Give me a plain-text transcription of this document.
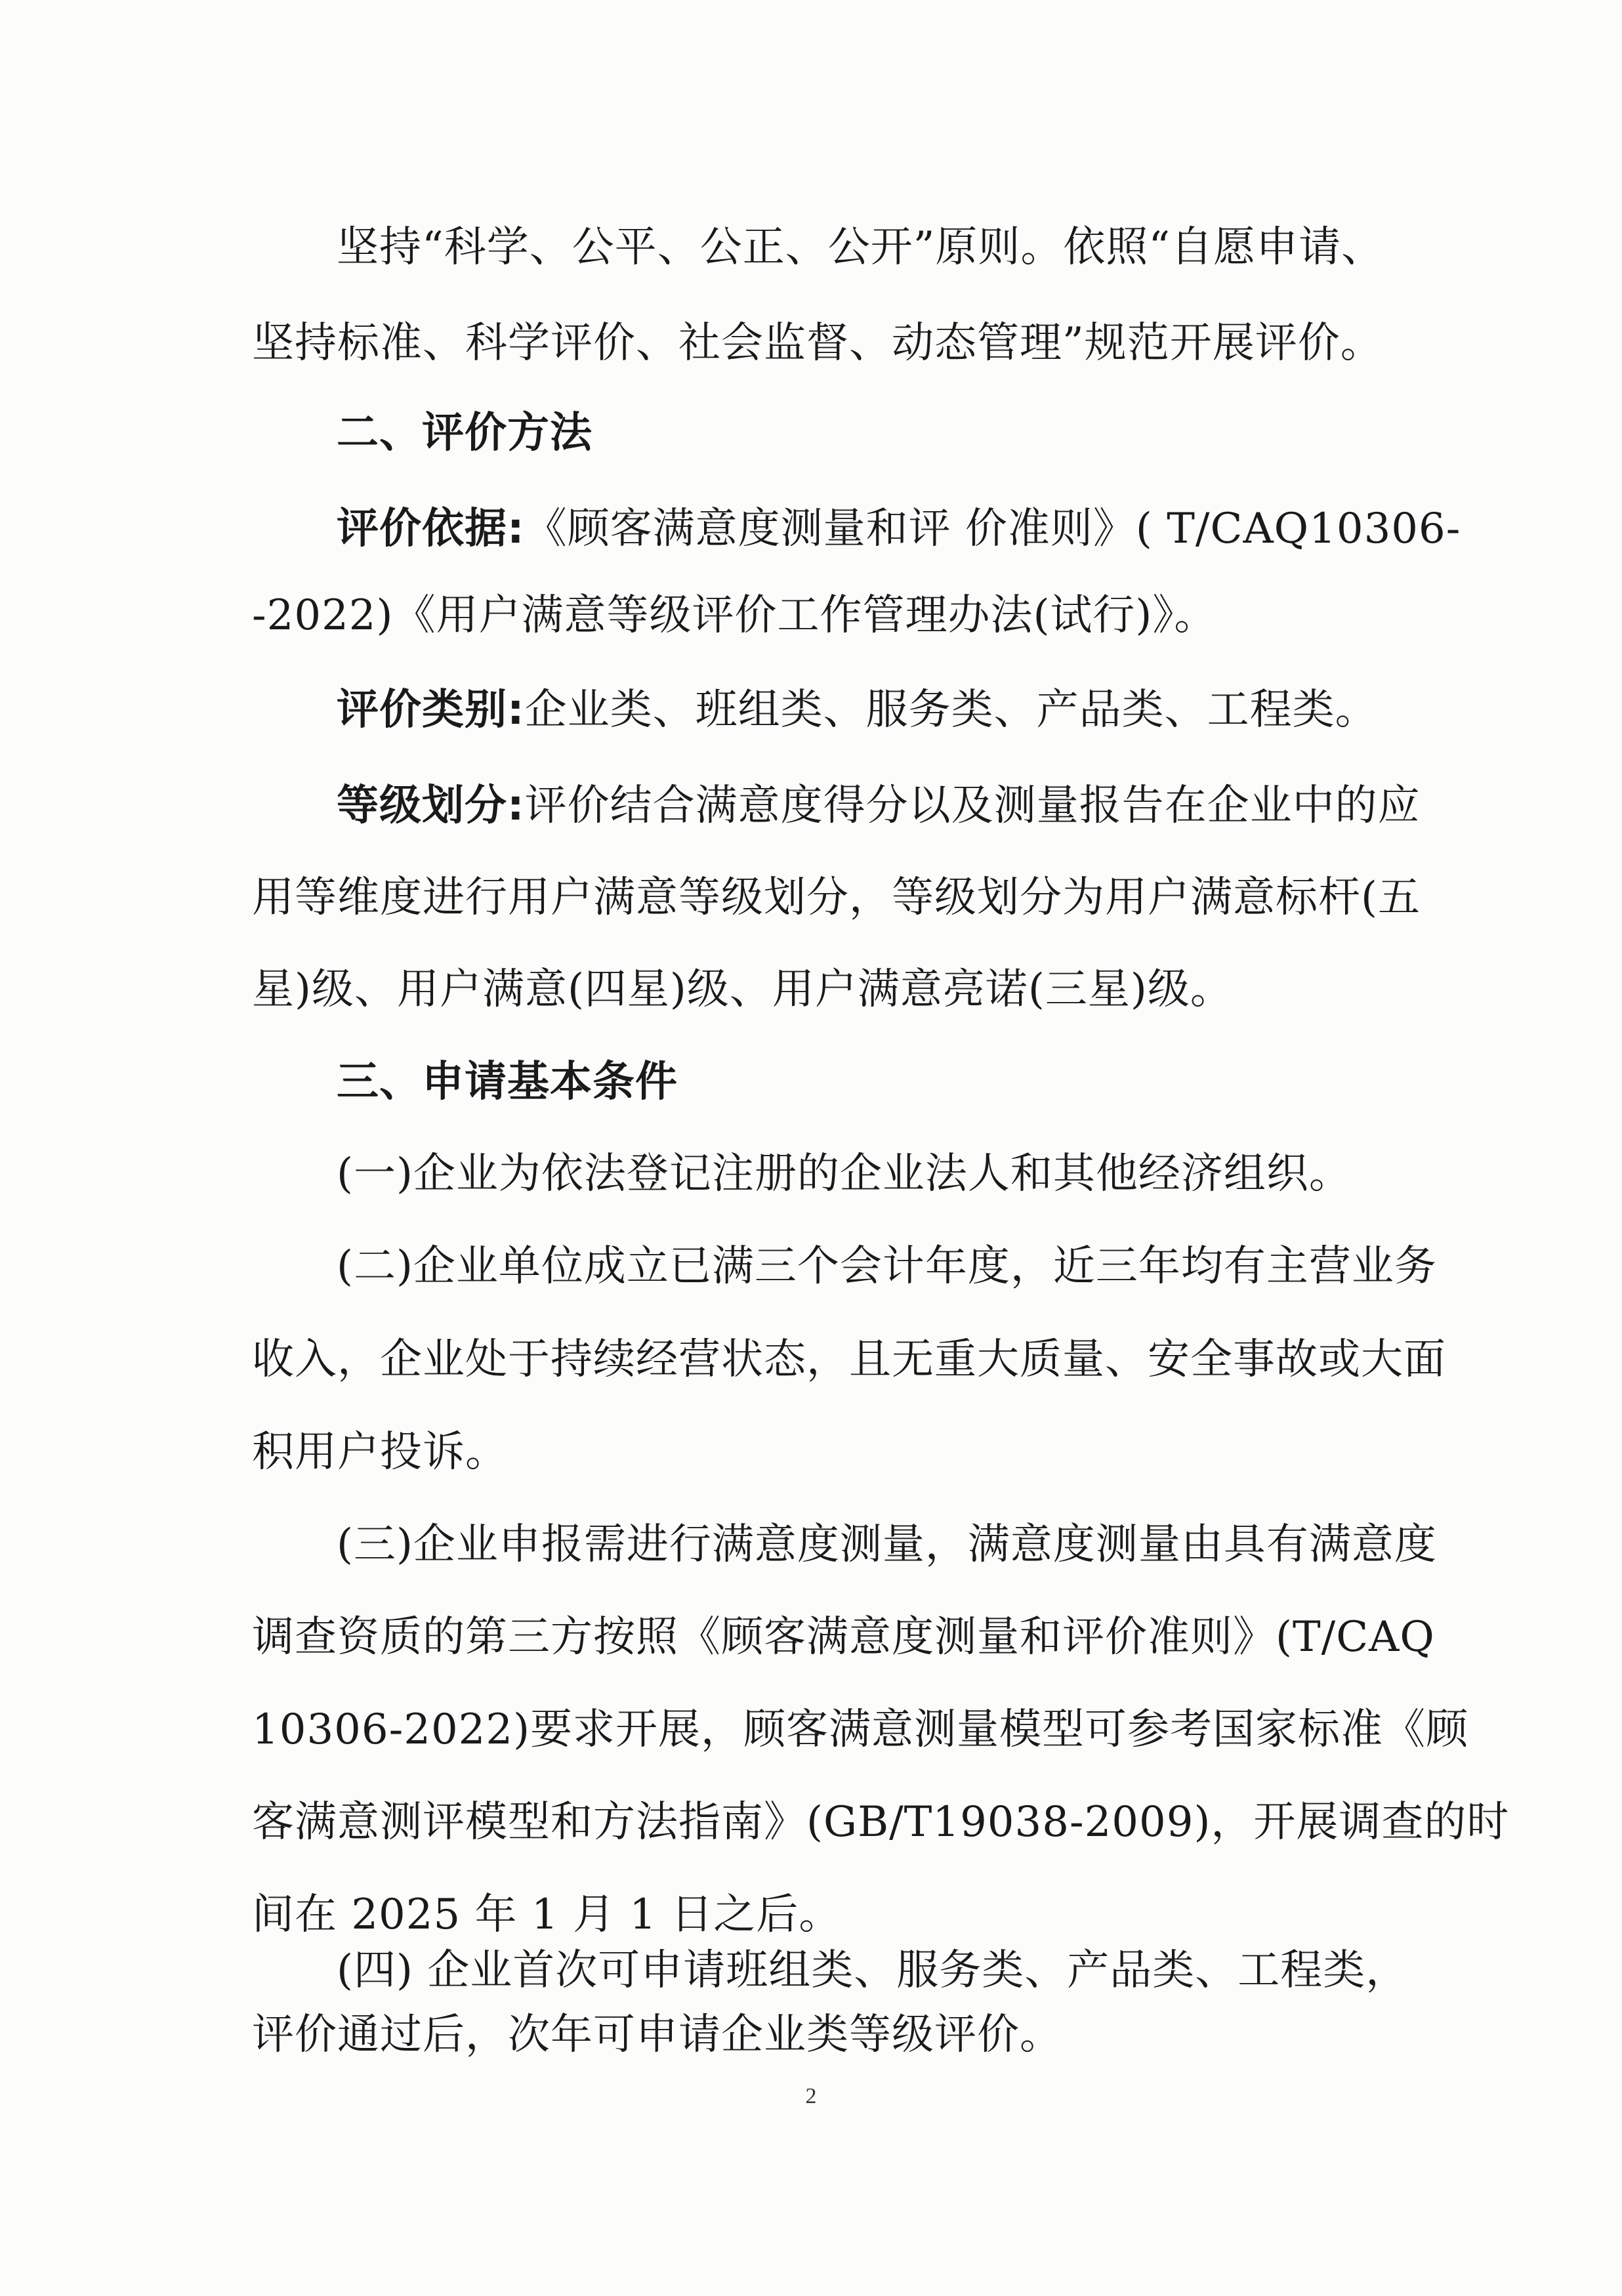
坚持“科学、公平、公正、公开”原则。依照“自愿申请、
坚持标准、科学评价、社会监督、动态管理”规范开展评价。
二、评价方法
评价依据:《顾客满意度测量和评 价准则》( T/CAQ10306-
-2022)《用户满意等级评价工作管理办法(试行)》。
评价类别:企业类、班组类、服务类、产品类、工程类。
等级划分:评价结合满意度得分以及测量报告在企业中的应
用等维度进行用户满意等级划分，等级划分为用户满意标杆(五
星)级、用户满意(四星)级、用户满意亮诺(三星)级。
三、申请基本条件
(一)企业为依法登记注册的企业法人和其他经济组织。
(二)企业单位成立已满三个会计年度，近三年均有主营业务
收入，企业处于持续经营状态，且无重大质量、安全事故或大面
积用户投诉。
(三)企业申报需进行满意度测量，满意度测量由具有满意度
调查资质的第三方按照《顾客满意度测量和评价准则》(T/CAQ
10306-2022)要求开展，顾客满意测量模型可参考国家标准《顾
客满意测评模型和方法指南》(GB/T19038-2009)，开展调查的时
间在 2025 年 1 月 1 日之后。
(四) 企业首次可申请班组类、服务类、产品类、工程类，
评价通过后，次年可申请企业类等级评价。
2
